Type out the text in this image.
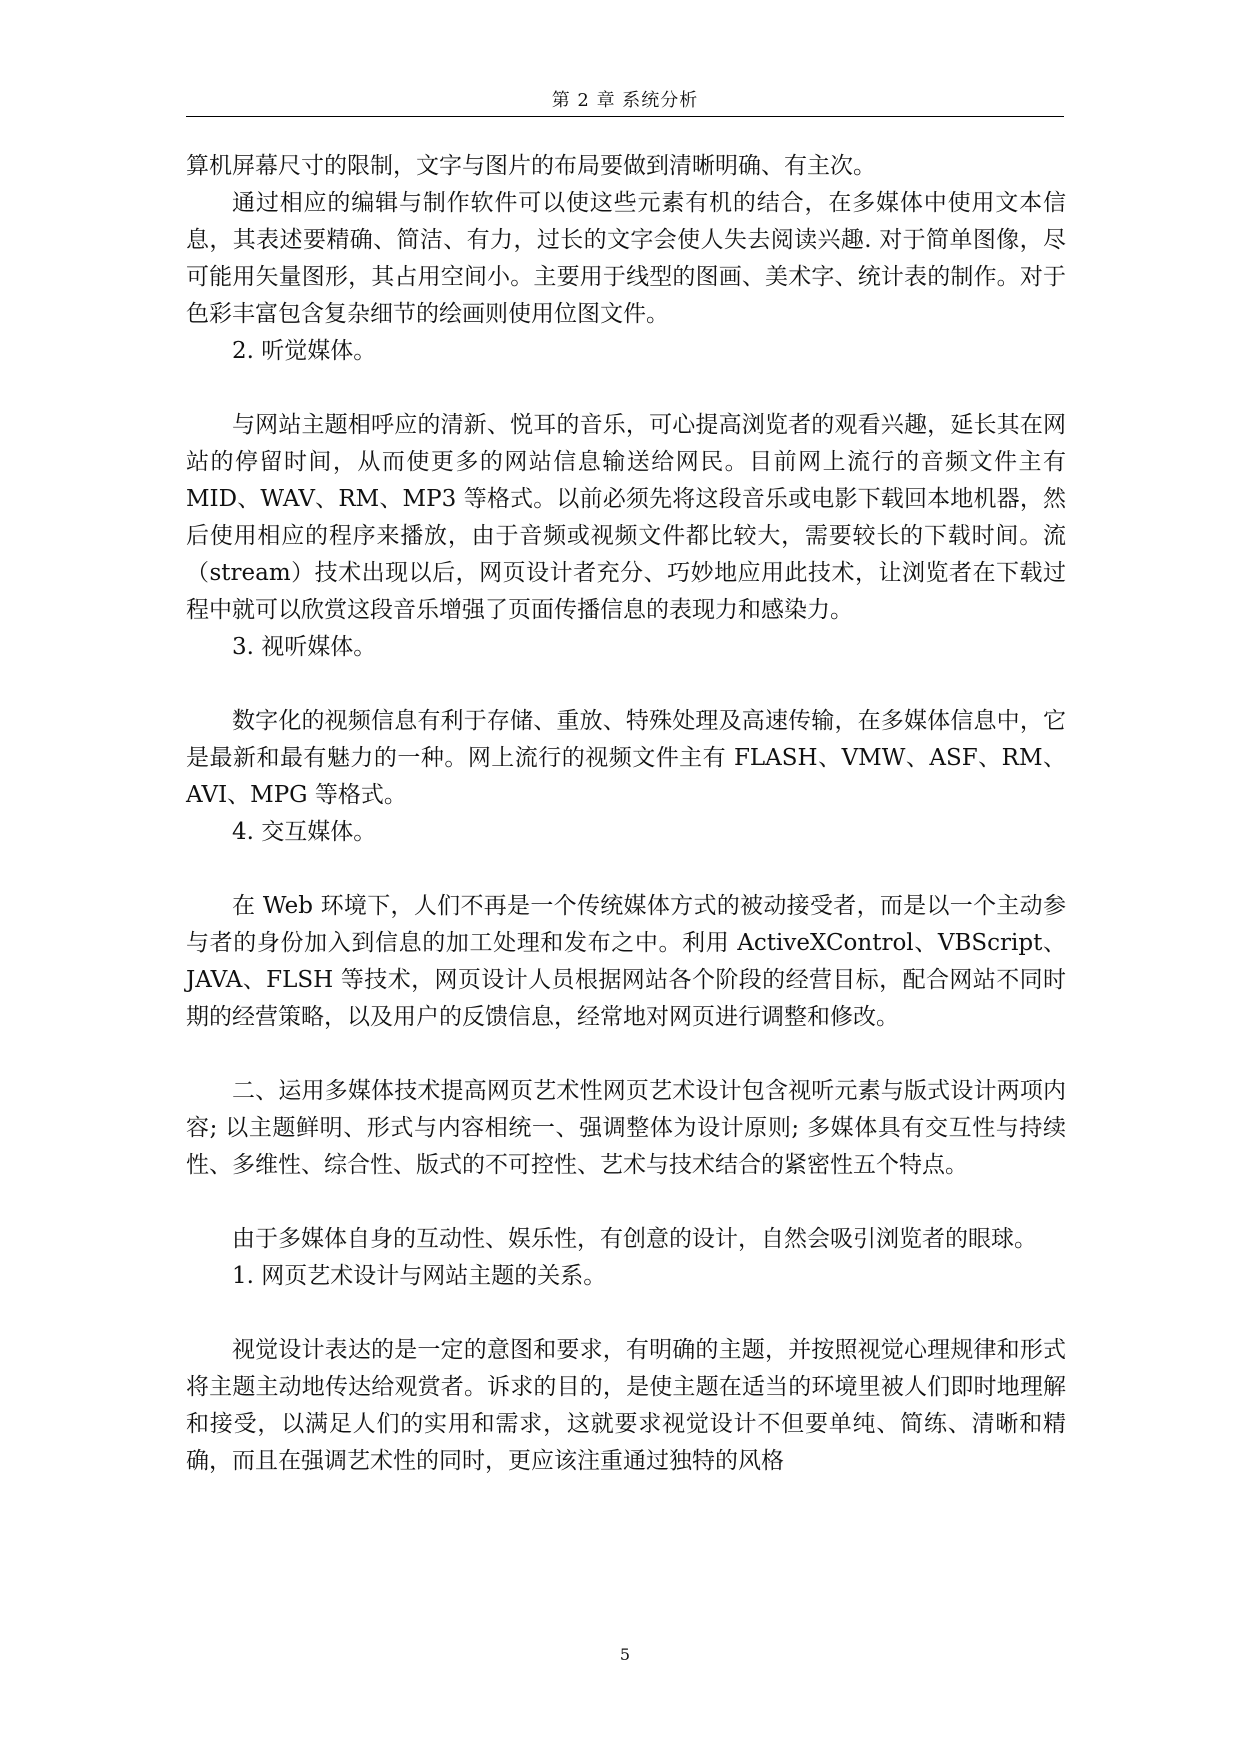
第 2 章 系统分析

算机屏幕尺寸的限制，文字与图片的布局要做到清晰明确、有主次。

通过相应的编辑与制作软件可以使这些元素有机的结合，在多媒体中使用文本信息，其表述要精确、简洁、有力，过长的文字会使人失去阅读兴趣. 对于简单图像，尽可能用矢量图形，其占用空间小。主要用于线型的图画、美术字、统计表的制作。对于色彩丰富包含复杂细节的绘画则使用位图文件。

2. 听觉媒体。

与网站主题相呼应的清新、悦耳的音乐，可心提高浏览者的观看兴趣，延长其在网站的停留时间，从而使更多的网站信息输送给网民。目前网上流行的音频文件主有 MID、WAV、RM、MP3 等格式。以前必须先将这段音乐或电影下载回本地机器，然后使用相应的程序来播放，由于音频或视频文件都比较大，需要较长的下载时间。流（stream）技术出现以后，网页设计者充分、巧妙地应用此技术，让浏览者在下载过程中就可以欣赏这段音乐增强了页面传播信息的表现力和感染力。

3. 视听媒体。

数字化的视频信息有利于存储、重放、特殊处理及高速传输，在多媒体信息中，它是最新和最有魅力的一种。网上流行的视频文件主有 FLASH、VMW、ASF、RM、AVI、MPG 等格式。

4. 交互媒体。

在 Web 环境下，人们不再是一个传统媒体方式的被动接受者，而是以一个主动参与者的身份加入到信息的加工处理和发布之中。利用 ActiveXControl、VBScript、JAVA、FLSH 等技术，网页设计人员根据网站各个阶段的经营目标，配合网站不同时期的经营策略，以及用户的反馈信息，经常地对网页进行调整和修改。

二、运用多媒体技术提高网页艺术性网页艺术设计包含视听元素与版式设计两项内容; 以主题鲜明、形式与内容相统一、强调整体为设计原则; 多媒体具有交互性与持续性、多维性、综合性、版式的不可控性、艺术与技术结合的紧密性五个特点。

由于多媒体自身的互动性、娱乐性，有创意的设计，自然会吸引浏览者的眼球。

1. 网页艺术设计与网站主题的关系。

视觉设计表达的是一定的意图和要求，有明确的主题，并按照视觉心理规律和形式将主题主动地传达给观赏者。诉求的目的，是使主题在适当的环境里被人们即时地理解和接受，以满足人们的实用和需求，这就要求视觉设计不但要单纯、简练、清晰和精确，而且在强调艺术性的同时，更应该注重通过独特的风格

5
